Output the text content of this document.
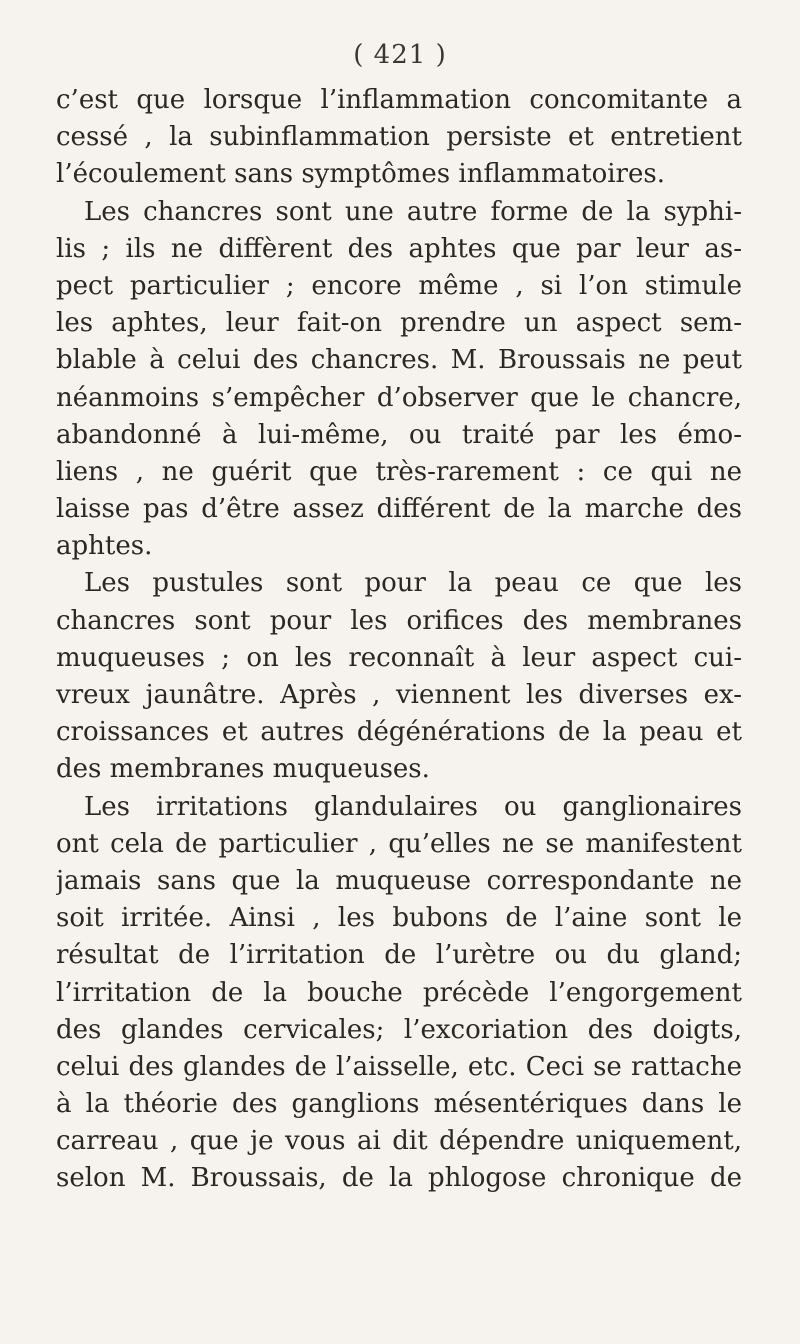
( 421 )
c’est que lorsque l’inflammation concomitante a
cessé , la subinflammation persiste et entretient
l’écoulement sans symptômes inflammatoires.
Les chancres sont une autre forme de la syphi-
lis ; ils ne diffèrent des aphtes que par leur as-
pect particulier ; encore même , si l’on stimule
les aphtes, leur fait-on prendre un aspect sem-
blable à celui des chancres. M. Broussais ne peut
néanmoins s’empêcher d’observer que le chancre,
abandonné à lui-même, ou traité par les émo-
liens , ne guérit que très-rarement : ce qui ne
laisse pas d’être assez différent de la marche des
aphtes.
Les pustules sont pour la peau ce que les
chancres sont pour les orifices des membranes
muqueuses ; on les reconnaît à leur aspect cui-
vreux jaunâtre. Après , viennent les diverses ex-
croissances et autres dégénérations de la peau et
des membranes muqueuses.
Les irritations glandulaires ou ganglionaires
ont cela de particulier , qu’elles ne se manifestent
jamais sans que la muqueuse correspondante ne
soit irritée. Ainsi , les bubons de l’aine sont le
résultat de l’irritation de l’urètre ou du gland;
l’irritation de la bouche précède l’engorgement
des glandes cervicales; l’excoriation des doigts,
celui des glandes de l’aisselle, etc. Ceci se rattache
à la théorie des ganglions mésentériques dans le
carreau , que je vous ai dit dépendre uniquement,
selon M. Broussais, de la phlogose chronique de
